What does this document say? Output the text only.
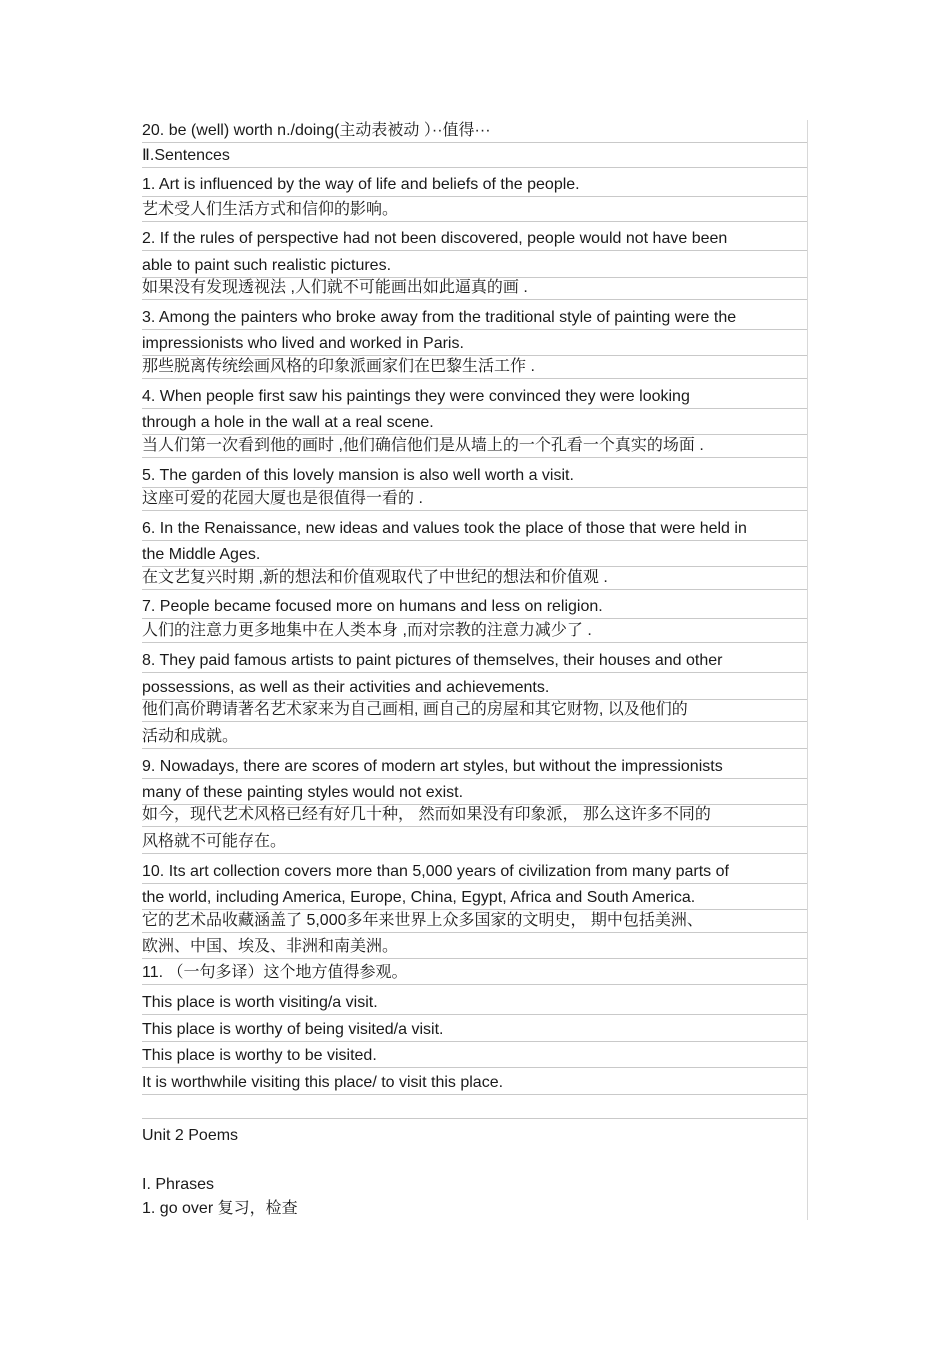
20. be (well) worth n./doing(主动表被动 ）··值得···
Ⅱ.Sentences
1. Art is influenced by the way of life and beliefs of the people.
艺术受人们生活方式和信仰的影响。
2. If the rules of perspective had not been discovered, people would not have been
able to paint such realistic pictures.
如果没有发现透视法 ,人们就不可能画出如此逼真的画 .
3. Among the painters who broke away from the traditional style of painting were the
impressionists who lived and worked in Paris.
那些脱离传统绘画风格的印象派画家们在巴黎生活工作 .
4. When people first saw his paintings they were convinced they were looking
through a hole in the wall at a real scene.
当人们第一次看到他的画时 ,他们确信他们是从墙上的一个孔看一个真实的场面 .
5. The garden of this lovely mansion is also well worth a visit.
这座可爱的花园大厦也是很值得一看的 .
6. In the Renaissance, new ideas and values took the place of those that were held in
the Middle Ages.
在文艺复兴时期 ,新的想法和价值观取代了中世纪的想法和价值观 .
7. People became focused more on humans and less on religion.
人们的注意力更多地集中在人类本身 ,而对宗教的注意力减少了 .
8. They paid famous artists to paint pictures of themselves, their houses and other
possessions, as well as their activities and achievements.
他们高价聘请著名艺术家来为自己画相, 画自己的房屋和其它财物, 以及他们的
活动和成就。
9. Nowadays, there are scores of modern art styles, but without the impressionists
many of these painting styles would not exist.
如今，现代艺术风格已经有好几十种， 然而如果没有印象派， 那么这许多不同的
风格就不可能存在。
10. Its art collection covers more than 5,000 years of civilization from many parts of
the world, including America, Europe, China, Egypt, Africa and South America.
它的艺术品收藏涵盖了 5,000多年来世界上众多国家的文明史， 期中包括美洲、
欧洲、中国、埃及、非洲和南美洲。
11. （一句多译）这个地方值得参观。
This place is worth visiting/a visit.
This place is worthy of being visited/a visit.
This place is worthy to be visited.
It is worthwhile visiting this place/ to visit this place.
Unit 2 Poems
I. Phrases
1. go over 复习，检查
